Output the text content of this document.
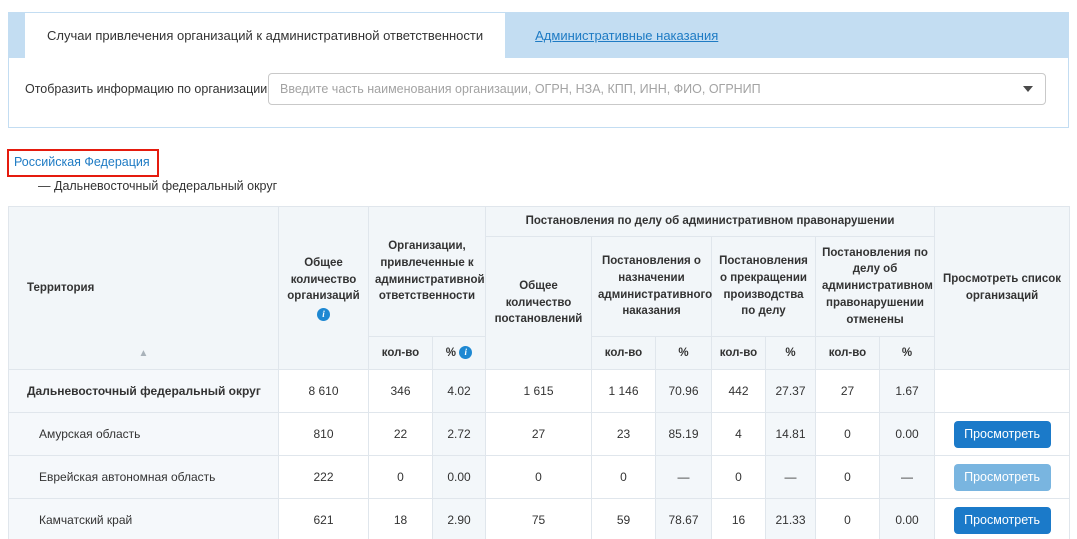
Случаи привлечения организаций к административной ответственности	Административные наказания
Отобразить информацию по организации
Введите часть наименования организации, ОГРН, НЗА, КПП, ИНН, ФИО, ОГРНИП
Российская Федерация
— Дальневосточный федеральный округ
Территория
▲	Общее количество организаций
i	Организации, привлеченные к административной ответственности		Постановления по делу об административном правонарушении							Просмотреть список организаций
				Общее количество постановлений	Постановления о назначении административного наказания		Постановления о прекращении производства по делу		Постановления по делу об административном правонарушении отменены		
		кол-во	% i		кол-во	%	кол-во	%	кол-во	%	
Дальневосточный федеральный округ	8 610	346	4.02	1 615	1 146	70.96	442	27.37	27	1.67	
Амурская область	810	22	2.72	27	23	85.19	4	14.81	0	0.00	Просмотреть
Еврейская автономная область	222	0	0.00	0	0	—	0	—	0	—	Просмотреть
Камчатский край	621	18	2.90	75	59	78.67	16	21.33	0	0.00	Просмотреть
